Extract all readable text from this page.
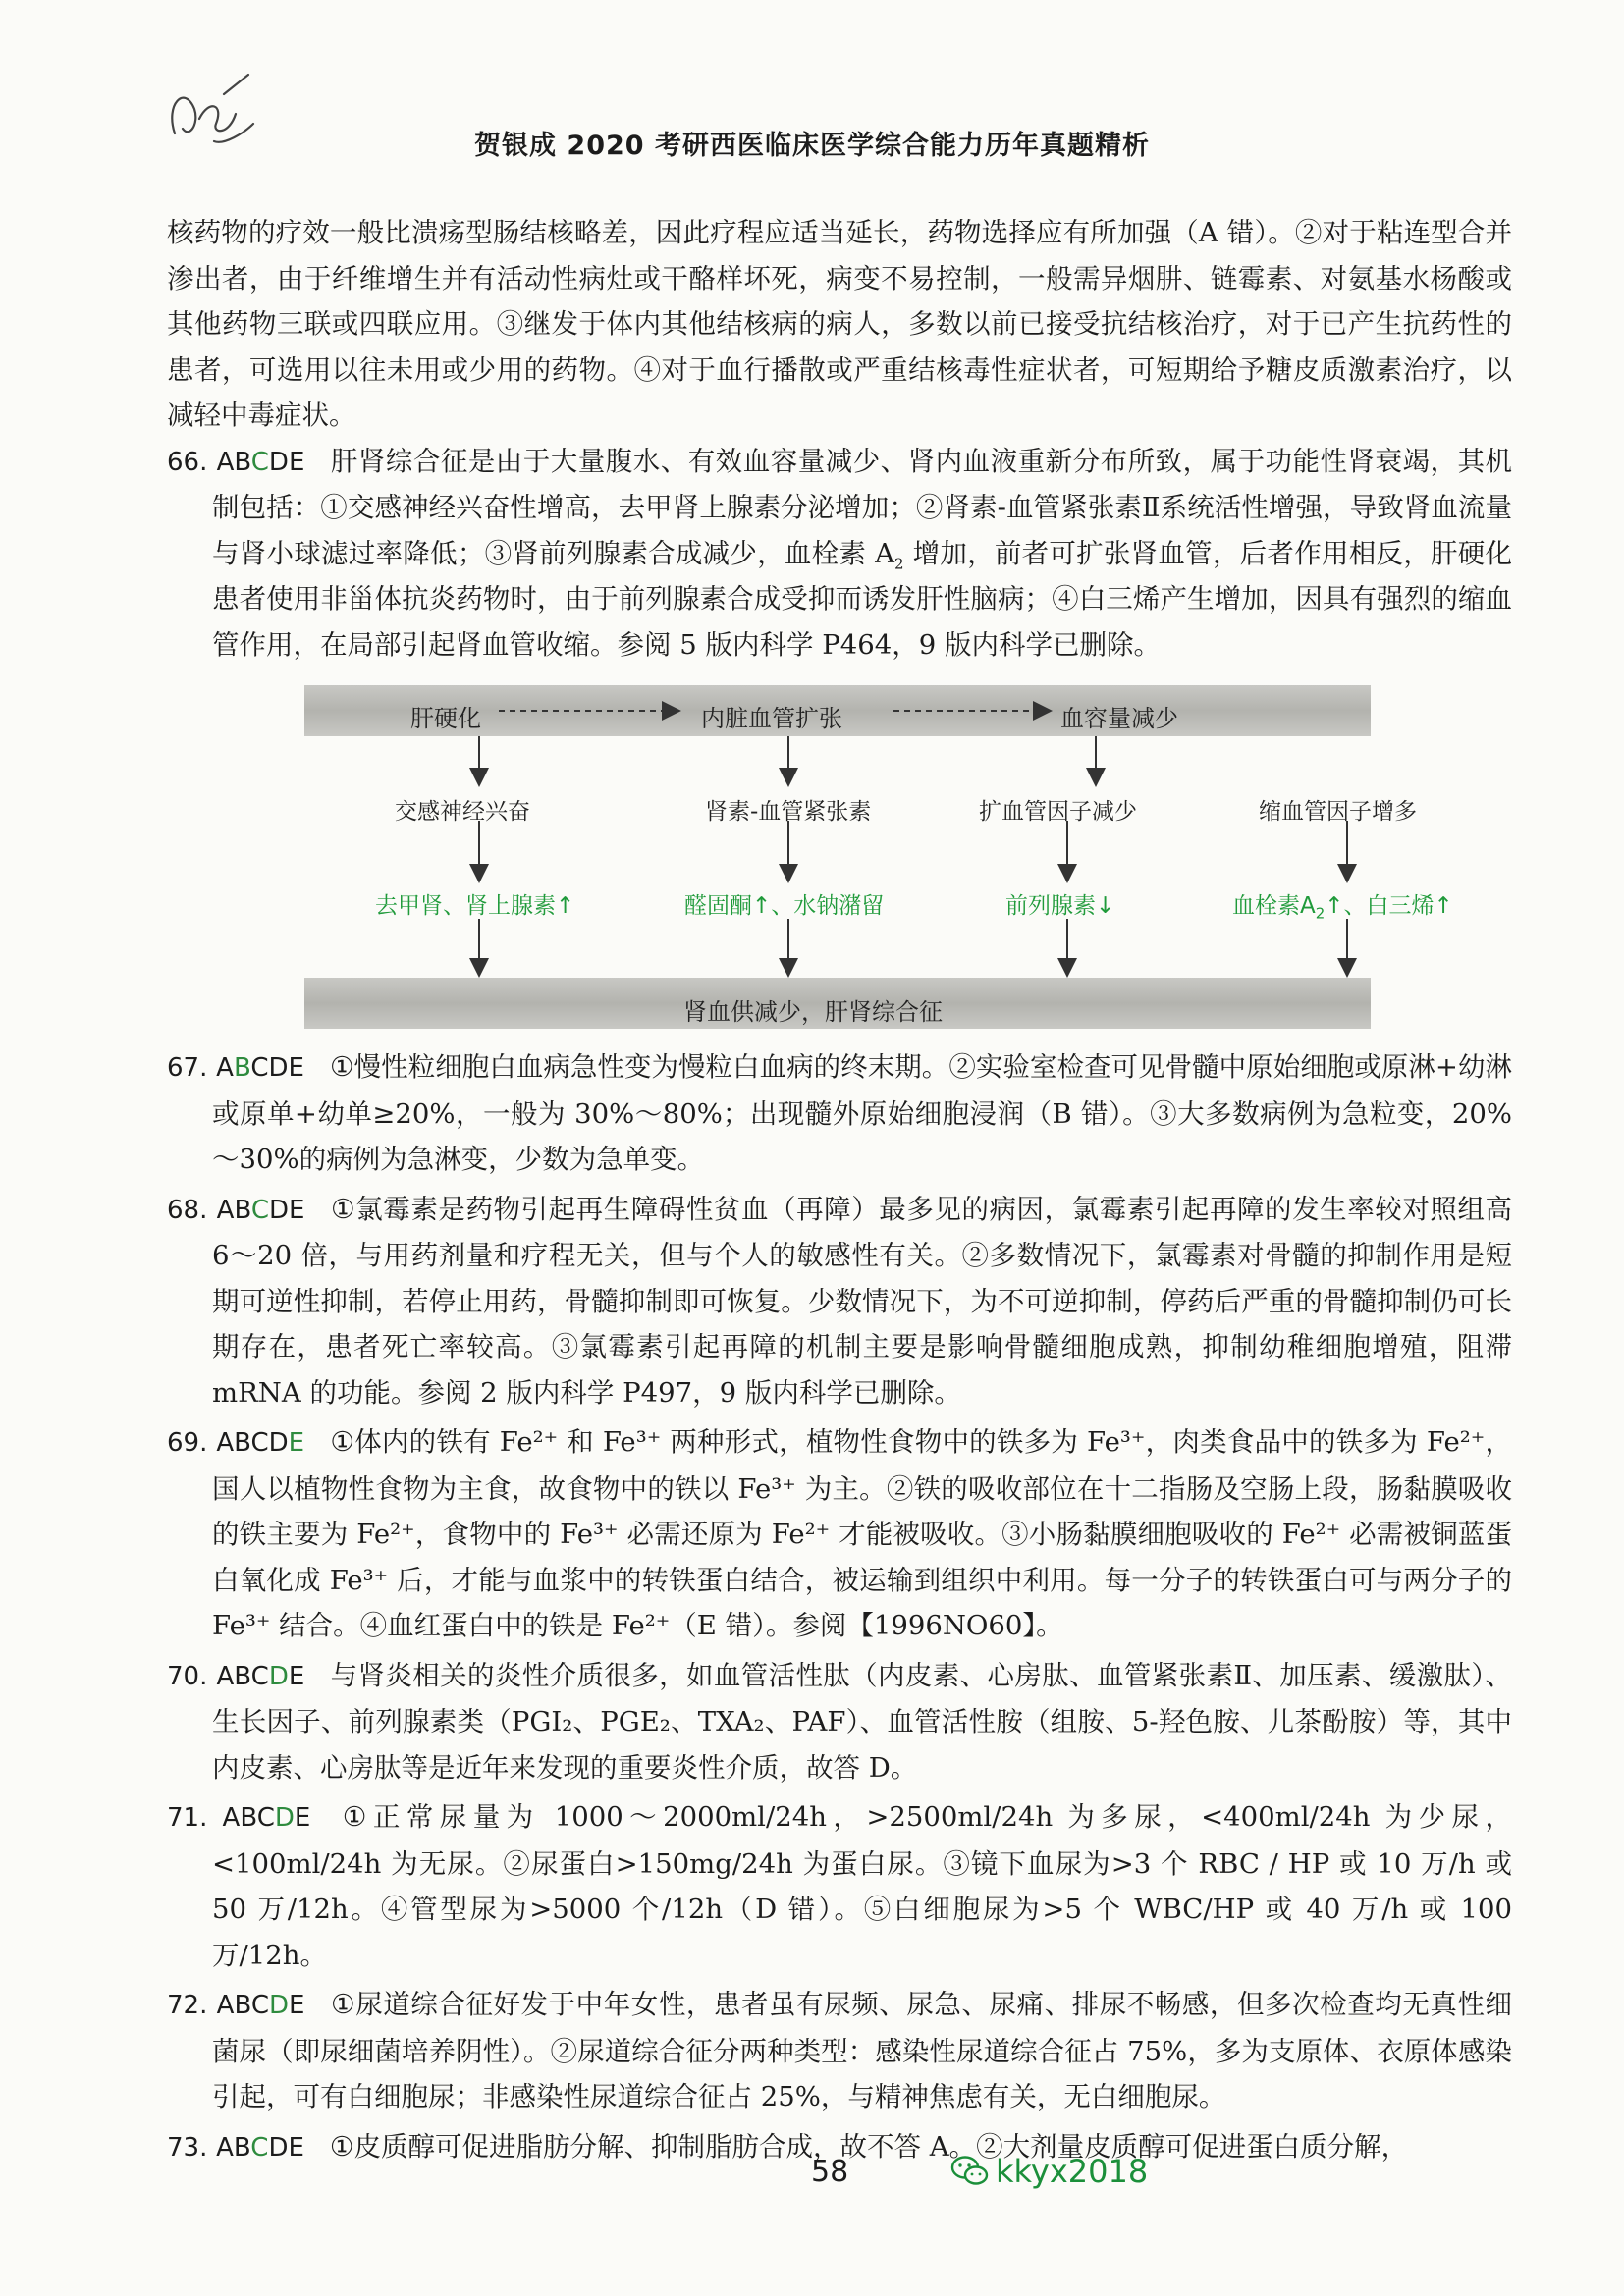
贺银成 2020 考研西医临床医学综合能力历年真题精析

核药物的疗效一般比溃疡型肠结核略差，因此疗程应适当延长，药物选择应有所加强（A 错）。②对于粘连型合并渗出者，由于纤维增生并有活动性病灶或干酪样坏死，病变不易控制，一般需异烟肼、链霉素、对氨基水杨酸或其他药物三联或四联应用。③继发于体内其他结核病的病人，多数以前已接受抗结核治疗，对于已产生抗药性的患者，可选用以往未用或少用的药物。④对于血行播散或严重结核毒性症状者，可短期给予糖皮质激素治疗，以减轻中毒症状。

66. ABCDE 肝肾综合征是由于大量腹水、有效血容量减少、肾内血液重新分布所致，属于功能性肾衰竭，其机制包括：①交感神经兴奋性增高，去甲肾上腺素分泌增加；②肾素-血管紧张素Ⅱ系统活性增强，导致肾血流量与肾小球滤过率降低；③肾前列腺素合成减少，血栓素 $A_2$ 增加，前者可扩张肾血管，后者作用相反，肝硬化患者使用非甾体抗炎药物时，由于前列腺素合成受抑而诱发肝性脑病；④白三烯产生增加，因具有强烈的缩血管作用，在局部引起肾血管收缩。参阅 5 版内科学 P464，9 版内科学已删除。

肝硬化	内脏血管扩张	血容量减少
交感神经兴奋	肾素-血管紧张素	扩血管因子减少	缩血管因子增多
去甲肾、肾上腺素↑	醛固酮↑、水钠潴留	前列腺素↓	血栓素$A_2↑$、白三烯↑
肾血供减少，肝肾综合征

67. ABCDE ①慢性粒细胞白血病急性变为慢粒白血病的终末期。②实验室检查可见骨髓中原始细胞或原淋+幼淋或原单+幼单≥20%，一般为 30%～80%；出现髓外原始细胞浸润（B 错）。③大多数病例为急粒变，20%～30%的病例为急淋变，少数为急单变。

68. ABCDE ①氯霉素是药物引起再生障碍性贫血（再障）最多见的病因，氯霉素引起再障的发生率较对照组高 6～20 倍，与用药剂量和疗程无关，但与个人的敏感性有关。②多数情况下，氯霉素对骨髓的抑制作用是短期可逆性抑制，若停止用药，骨髓抑制即可恢复。少数情况下，为不可逆抑制，停药后严重的骨髓抑制仍可长期存在，患者死亡率较高。③氯霉素引起再障的机制主要是影响骨髓细胞成熟，抑制幼稚细胞增殖，阻滞 mRNA 的功能。参阅 2 版内科学 P497，9 版内科学已删除。

69. ABCDE ①体内的铁有 Fe²⁺ 和 Fe³⁺ 两种形式，植物性食物中的铁多为 Fe³⁺，肉类食品中的铁多为 Fe²⁺，国人以植物性食物为主食，故食物中的铁以 Fe³⁺ 为主。②铁的吸收部位在十二指肠及空肠上段，肠黏膜吸收的铁主要为 Fe²⁺，食物中的 Fe³⁺ 必需还原为 Fe²⁺ 才能被吸收。③小肠黏膜细胞吸收的 Fe²⁺ 必需被铜蓝蛋白氧化成 Fe³⁺ 后，才能与血浆中的转铁蛋白结合，被运输到组织中利用。每一分子的转铁蛋白可与两分子的 Fe³⁺ 结合。④血红蛋白中的铁是 Fe²⁺（E 错）。参阅【1996NO60】。

70. ABCDE 与肾炎相关的炎性介质很多，如血管活性肽（内皮素、心房肽、血管紧张素Ⅱ、加压素、缓激肽）、生长因子、前列腺素类（PGI₂、PGE₂、TXA₂、PAF）、血管活性胺（组胺、5-羟色胺、儿茶酚胺）等，其中内皮素、心房肽等是近年来发现的重要炎性介质，故答 D。

71. ABCDE ①正常尿量为 1000～2000ml/24h，>2500ml/24h 为多尿，<400ml/24h 为少尿，<100ml/24h 为无尿。②尿蛋白>150mg/24h 为蛋白尿。③镜下血尿为>3 个 RBC / HP 或 10 万/h 或 50 万/12h。④管型尿为>5000 个/12h（D 错）。⑤白细胞尿为>5 个 WBC/HP 或 40 万/h 或 100 万/12h。

72. ABCDE ①尿道综合征好发于中年女性，患者虽有尿频、尿急、尿痛、排尿不畅感，但多次检查均无真性细菌尿（即尿细菌培养阴性）。②尿道综合征分两种类型：感染性尿道综合征占 75%，多为支原体、衣原体感染引起，可有白细胞尿；非感染性尿道综合征占 25%，与精神焦虑有关，无白细胞尿。

73. ABCDE ①皮质醇可促进脂肪分解、抑制脂肪合成，故不答 A。②大剂量皮质醇可促进蛋白质分解，

58	kkyx2018
